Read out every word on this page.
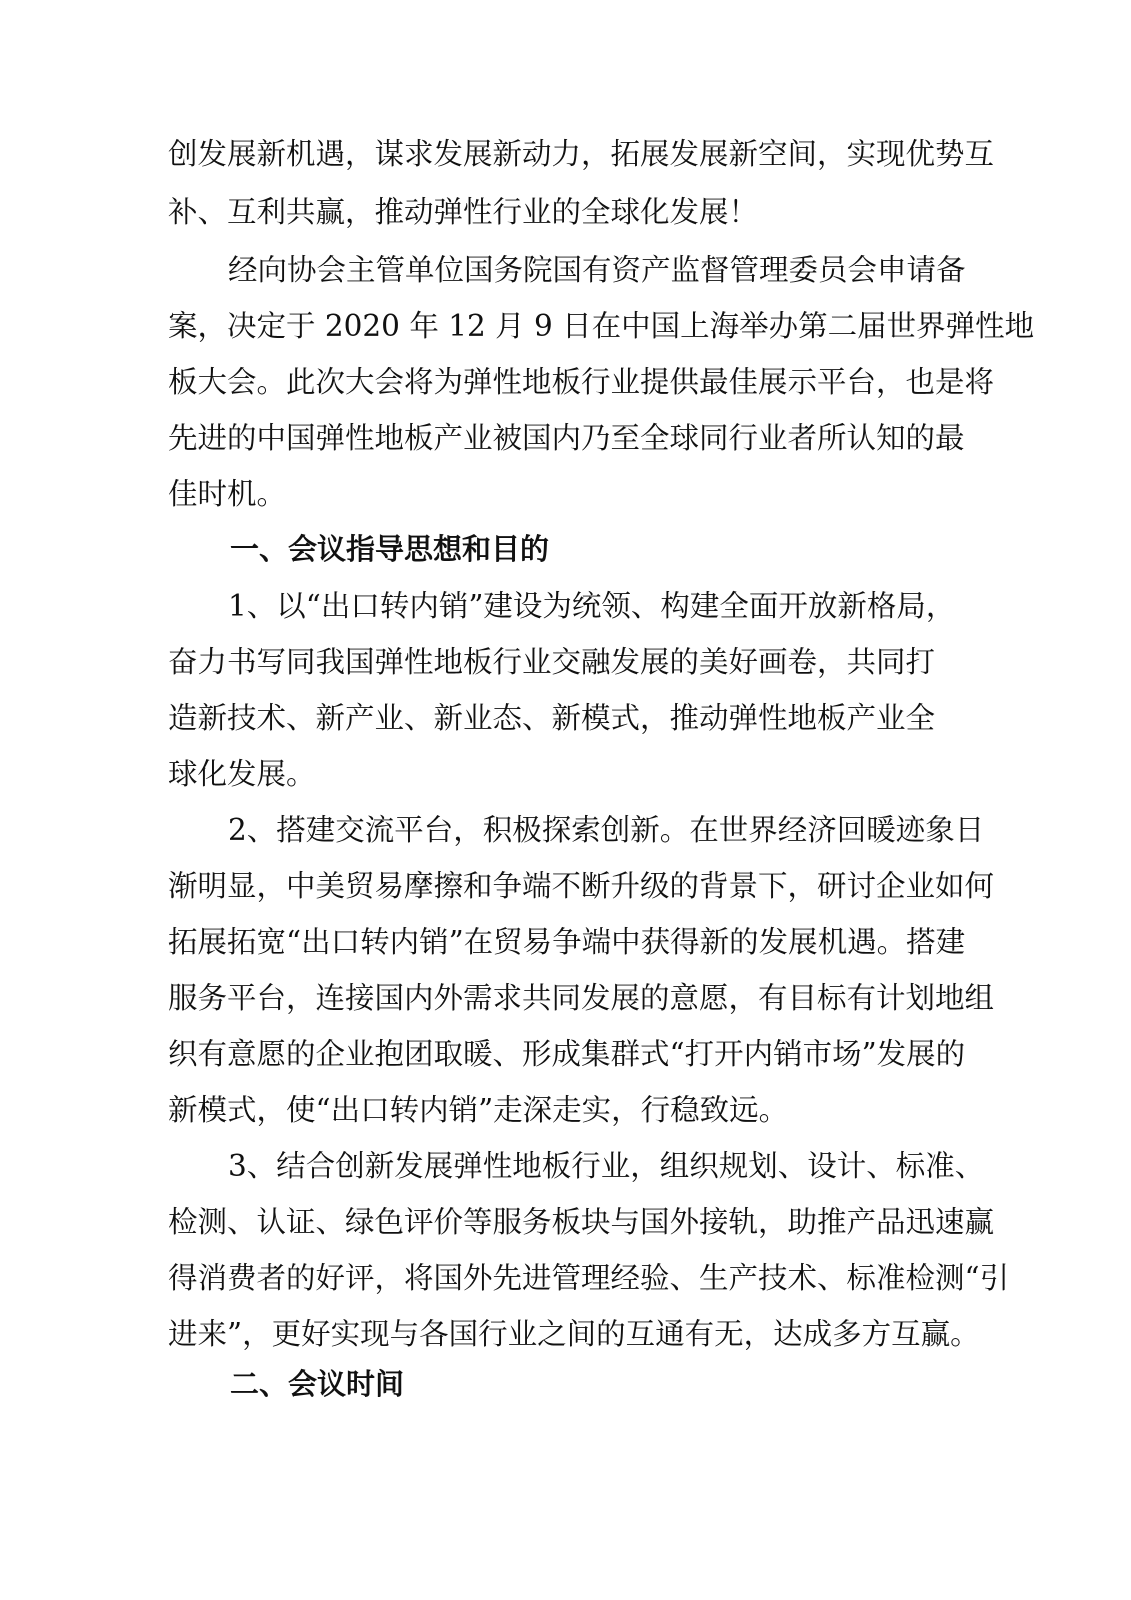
创发展新机遇，谋求发展新动力，拓展发展新空间，实现优势互
补、互利共赢，推动弹性行业的全球化发展！
经向协会主管单位国务院国有资产监督管理委员会申请备
案，决定于 2020 年 12 月 9 日在中国上海举办第二届世界弹性地
板大会。此次大会将为弹性地板行业提供最佳展示平台，也是将
先进的中国弹性地板产业被国内乃至全球同行业者所认知的最
佳时机。
一、会议指导思想和目的
1、以“出口转内销”建设为统领、构建全面开放新格局，
奋力书写同我国弹性地板行业交融发展的美好画卷，共同打
造新技术、新产业、新业态、新模式，推动弹性地板产业全
球化发展。
2、搭建交流平台，积极探索创新。在世界经济回暖迹象日
渐明显，中美贸易摩擦和争端不断升级的背景下，研讨企业如何
拓展拓宽“出口转内销”在贸易争端中获得新的发展机遇。搭建
服务平台，连接国内外需求共同发展的意愿，有目标有计划地组
织有意愿的企业抱团取暖、形成集群式“打开内销市场”发展的
新模式，使“出口转内销”走深走实，行稳致远。
3、结合创新发展弹性地板行业，组织规划、设计、标准、
检测、认证、绿色评价等服务板块与国外接轨，助推产品迅速赢
得消费者的好评，将国外先进管理经验、生产技术、标准检测“引
进来”，更好实现与各国行业之间的互通有无，达成多方互赢。
二、会议时间
